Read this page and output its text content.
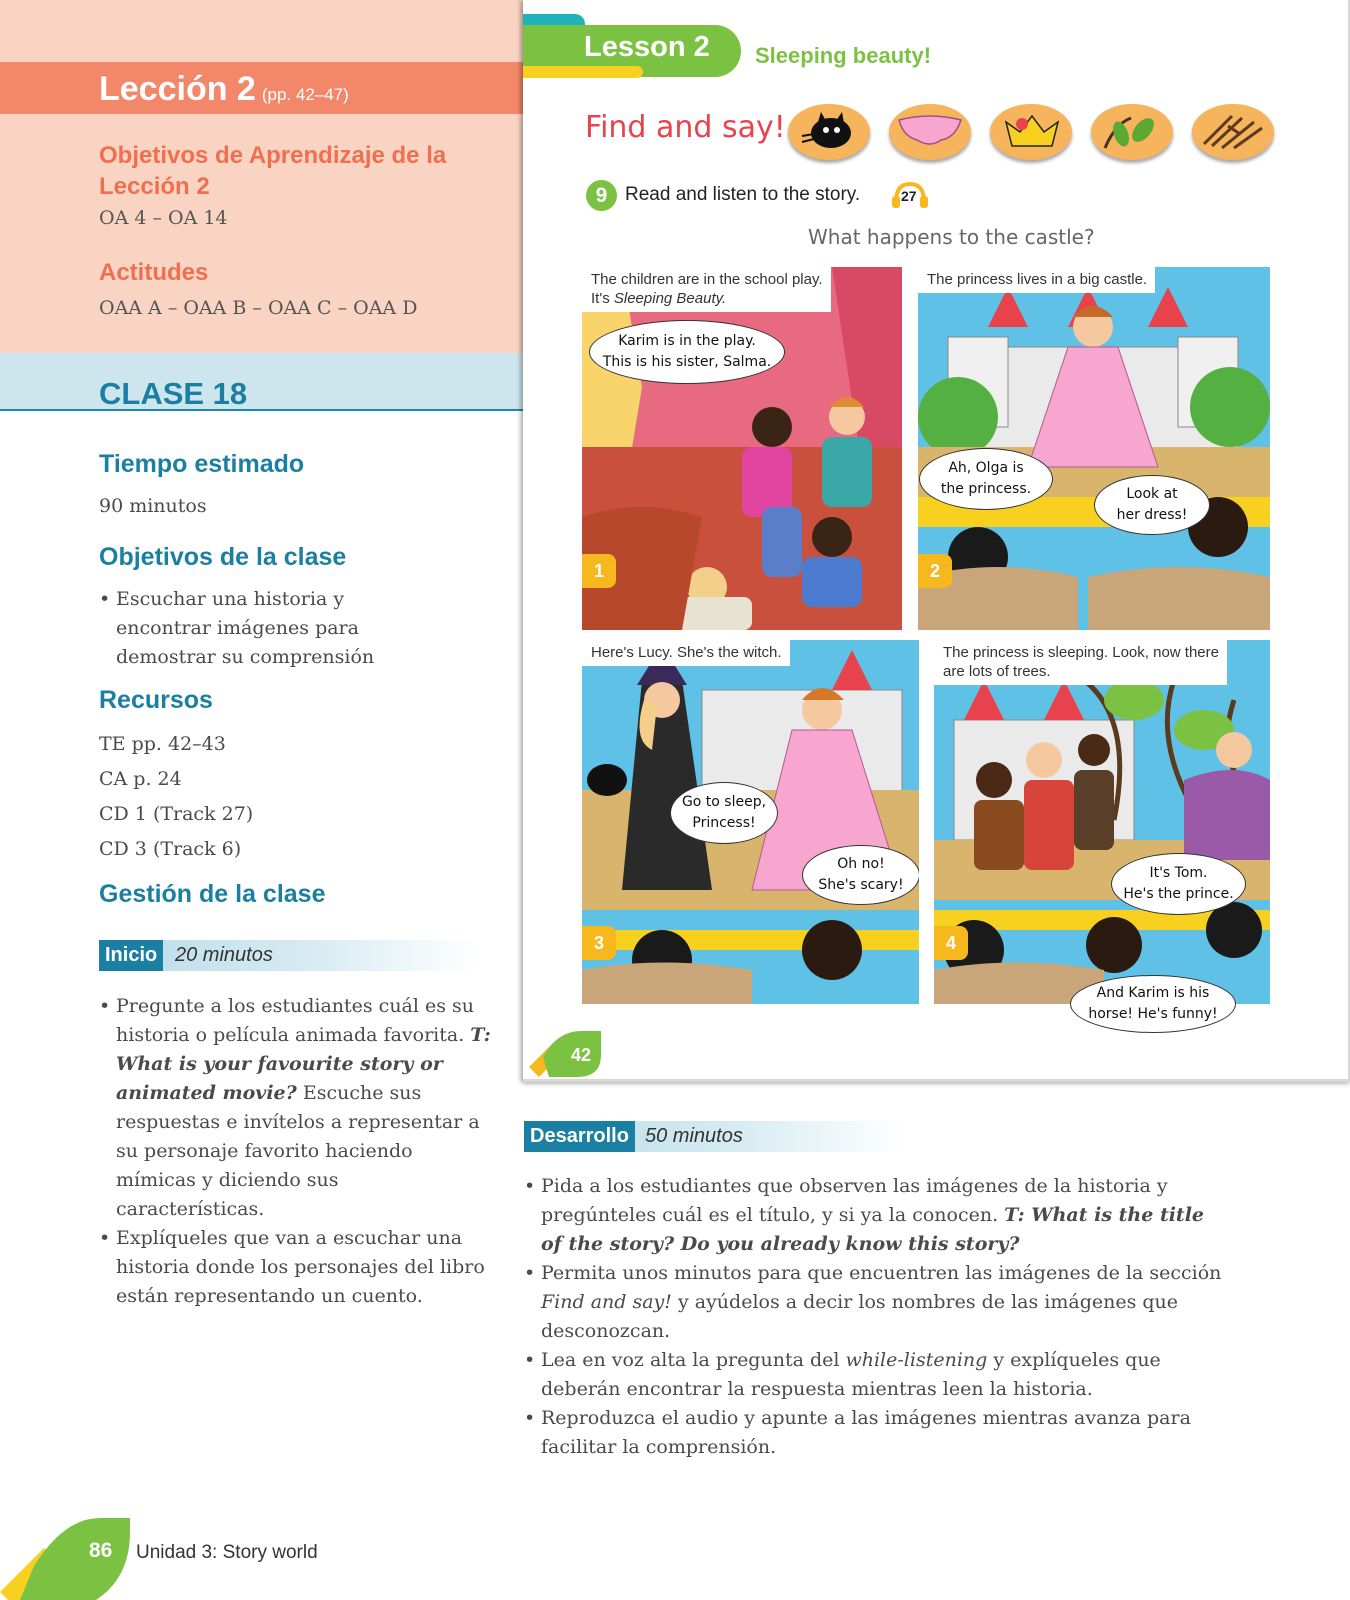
Lección 2 (pp. 42–47)
Objetivos de Aprendizaje de la Lección 2
OA 4 – OA 14
Actitudes
OAA A – OAA B – OAA C – OAA D
CLASE 18
Tiempo estimado
90 minutos
Objetivos de la clase
• Escuchar una historia y encontrar imágenes para demostrar su comprensión
Recursos
TE pp. 42–43
CA p. 24
CD 1 (Track 27)
CD 3 (Track 6)
Gestión de la clase
Inicio 20 minutos
• Pregunte a los estudiantes cuál es su historia o película animada favorita. T: What is your favourite story or animated movie? Escuche sus respuestas e invítelos a representar a su personaje favorito haciendo mímicas y diciendo sus características.
• Explíqueles que van a escuchar una historia donde los personajes del libro están representando un cuento.
Lesson 2 Sleeping beauty!
Find and say!
9 Read and listen to the story.	27
What happens to the castle?
The children are in the school play.
It's Sleeping Beauty.
Karim is in the play.
This is his sister, Salma.
1
The princess lives in a big castle.
Ah, Olga is
the princess.	Look at
her dress!
2
Here's Lucy. She's the witch.
Go to sleep,
Princess!
Oh no!
She's scary!
3
The princess is sleeping. Look, now there
are lots of trees.
It's Tom.
He's the prince.
4
And Karim is his
horse! He's funny!
42
Desarrollo 50 minutos
• Pida a los estudiantes que observen las imágenes de la historia y pregúnteles cuál es el título, y si ya la conocen. T: What is the title of the story? Do you already know this story?
• Permita unos minutos para que encuentren las imágenes de la sección Find and say! y ayúdelos a decir los nombres de las imágenes que desconozcan.
• Lea en voz alta la pregunta del while-listening y explíqueles que deberán encontrar la respuesta mientras leen la historia.
• Reproduzca el audio y apunte a las imágenes mientras avanza para facilitar la comprensión.
86 Unidad 3: Story world
